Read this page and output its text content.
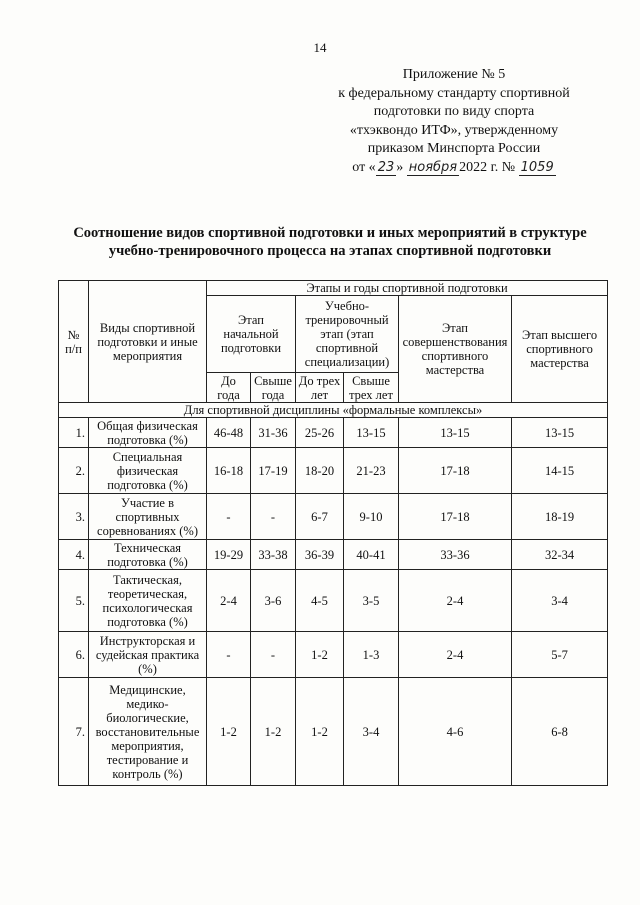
14
Приложение № 5
к федеральному стандарту спортивной
подготовки по виду спорта
«тхэквондо ИТФ», утвержденному
приказом Минспорта России
от « 23 » ноября 2022 г. № 1059
Соотношение видов спортивной подготовки и иных мероприятий в структуре
учебно-тренировочного процесса на этапах спортивной подготовки
№ п/п	Виды спортивной подготовки и иные мероприятия	Этапы и годы спортивной подготовки					
		Этап начальной подготовки		Учебно-тренировочный этап (этап спортивной специализации)		Этап совершенствования спортивного мастерства	Этап высшего спортивного мастерства
		До года	Свыше года	До трех лет	Свыше трех лет		
Для спортивной дисциплины «формальные комплексы»							
1.	Общая физическая подготовка (%)	46-48	31-36	25-26	13-15	13-15	13-15
2.	Специальная физическая подготовка (%)	16-18	17-19	18-20	21-23	17-18	14-15
3.	Участие в спортивных соревнованиях (%)	-	-	6-7	9-10	17-18	18-19
4.	Техническая подготовка (%)	19-29	33-38	36-39	40-41	33-36	32-34
5.	Тактическая, теоретическая, психологическая подготовка (%)	2-4	3-6	4-5	3-5	2-4	3-4
6.	Инструкторская и судейская практика (%)	-	-	1-2	1-3	2-4	5-7
7.	Медицинские, медико-биологические, восстановительные мероприятия, тестирование и контроль (%)	1-2	1-2	1-2	3-4	4-6	6-8
